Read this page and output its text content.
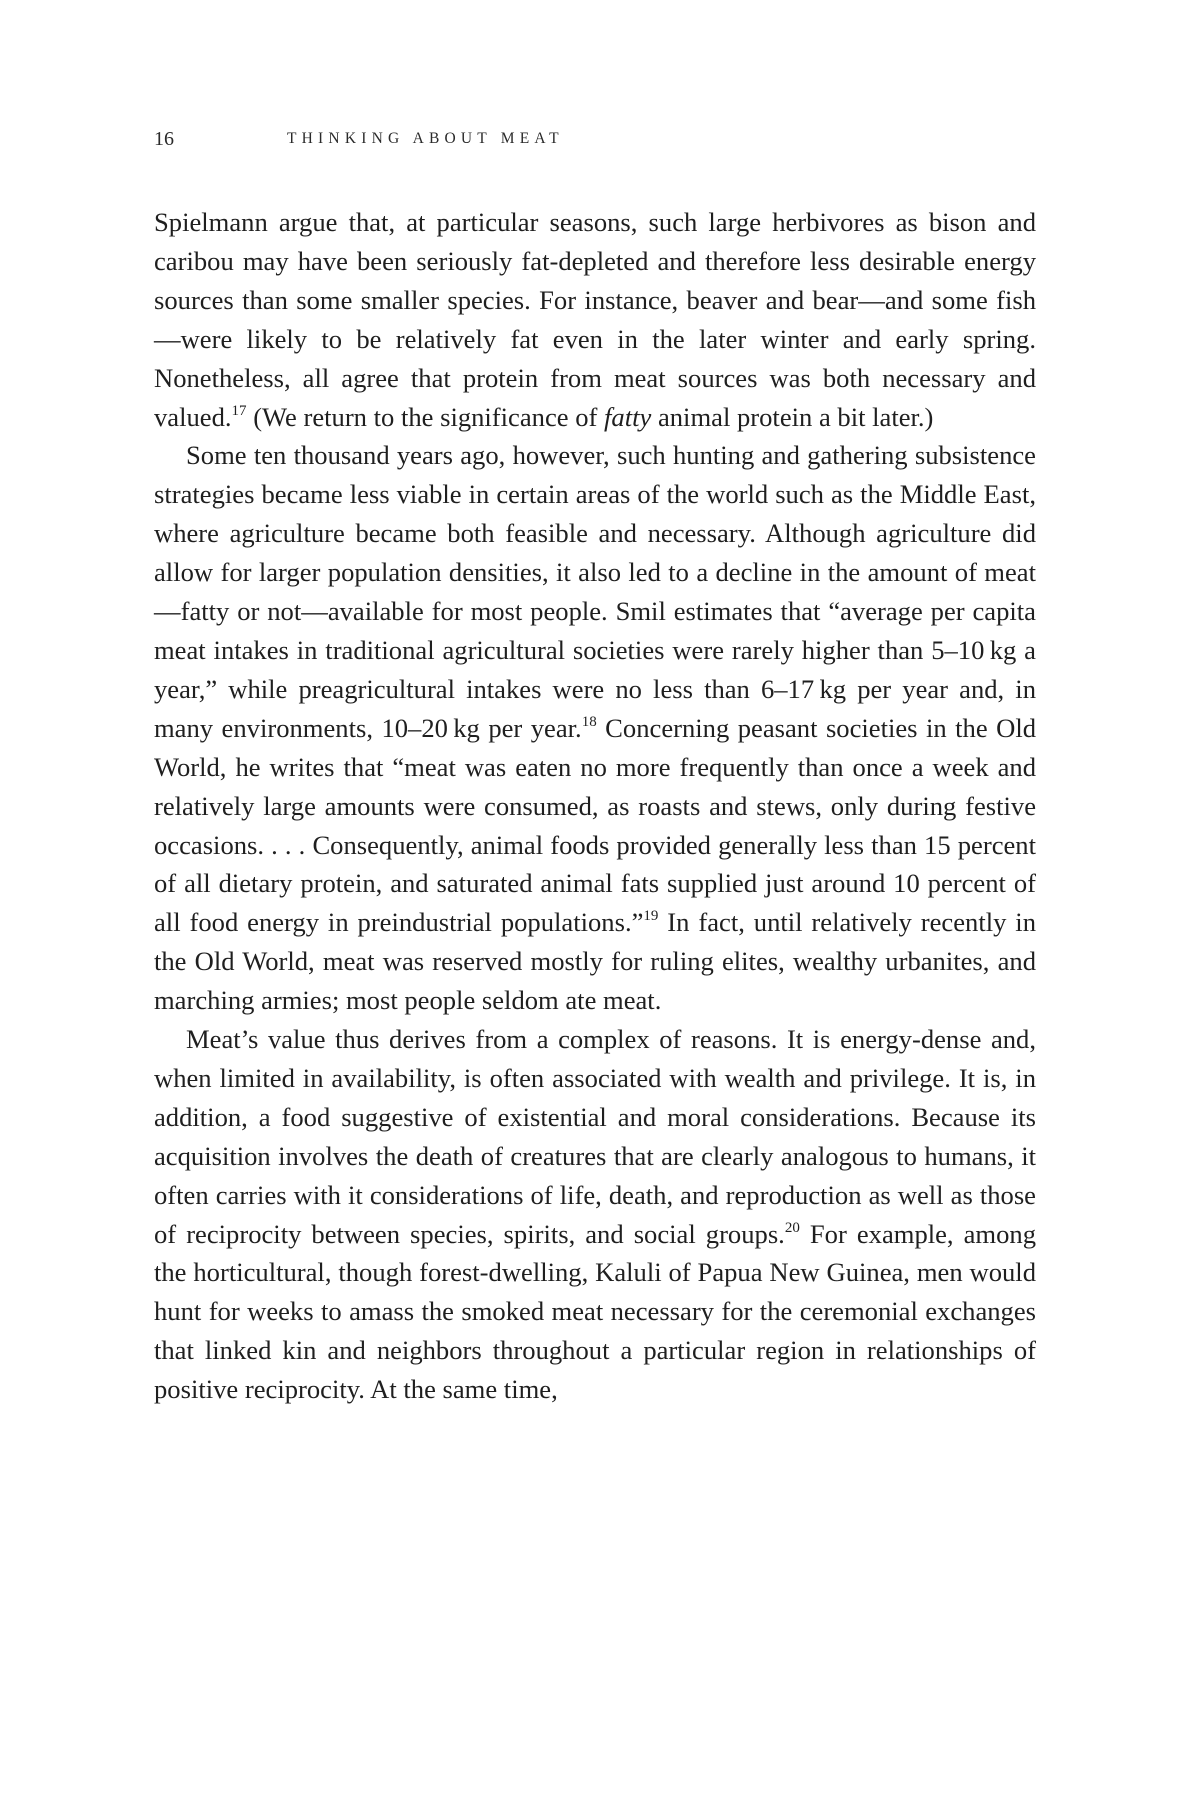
16	THINKING ABOUT MEAT

Spielmann argue that, at particular seasons, such large herbivores as bison and caribou may have been seriously fat-depleted and therefore less desirable energy sources than some smaller species. For instance, beaver and bear—and some fish—were likely to be relatively fat even in the later winter and early spring. Nonetheless, all agree that protein from meat sources was both necessary and valued.$^{17}$ (We return to the significance of fatty animal protein a bit later.)

Some ten thousand years ago, however, such hunting and gathering subsistence strategies became less viable in certain areas of the world such as the Middle East, where agriculture became both feasible and necessary. Although agriculture did allow for larger population densities, it also led to a decline in the amount of meat—fatty or not—available for most people. Smil estimates that “average per capita meat intakes in traditional agricultural societies were rarely higher than 5–10 kg a year,” while preagricultural intakes were no less than 6–17 kg per year and, in many environments, 10–20 kg per year.$^{18}$ Concerning peasant societies in the Old World, he writes that “meat was eaten no more frequently than once a week and relatively large amounts were consumed, as roasts and stews, only during festive occasions. . . . Consequently, animal foods provided generally less than 15 percent of all dietary protein, and saturated animal fats supplied just around 10 percent of all food energy in preindustrial populations.”$^{19}$ In fact, until relatively recently in the Old World, meat was reserved mostly for ruling elites, wealthy urbanites, and marching armies; most people seldom ate meat.

Meat’s value thus derives from a complex of reasons. It is energy-dense and, when limited in availability, is often associated with wealth and privilege. It is, in addition, a food suggestive of existential and moral considerations. Because its acquisition involves the death of creatures that are clearly analogous to humans, it often carries with it considerations of life, death, and reproduction as well as those of reciprocity between species, spirits, and social groups.$^{20}$ For example, among the horticultural, though forest-dwelling, Kaluli of Papua New Guinea, men would hunt for weeks to amass the smoked meat necessary for the ceremonial exchanges that linked kin and neighbors throughout a particular region in relationships of positive reciprocity. At the same time,
